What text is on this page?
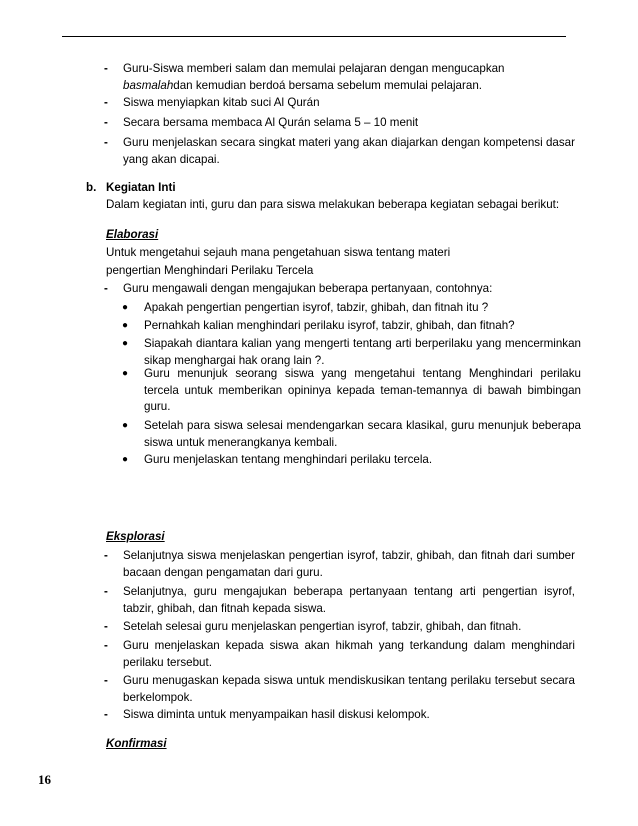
- Guru-Siswa memberi salam dan memulai pelajaran dengan mengucapkan
basmalahdan kemudian berdoá bersama sebelum memulai pelajaran.
- Siswa menyiapkan kitab suci Al Qurán
- Secara bersama membaca Al Qurán selama 5 – 10 menit
- Guru menjelaskan secara singkat materi yang akan diajarkan dengan kompetensi dasar yang akan dicapai.
b. Kegiatan Inti
Dalam kegiatan inti, guru dan para siswa melakukan beberapa kegiatan sebagai berikut:
Elaborasi
Untuk mengetahui sejauh mana pengetahuan siswa tentang materi
pengertian Menghindari Perilaku Tercela
- Guru mengawali dengan mengajukan beberapa pertanyaan, contohnya:
● Apakah pengertian pengertian isyrof, tabzir, ghibah, dan fitnah itu ?
● Pernahkah kalian menghindari perilaku isyrof, tabzir, ghibah, dan fitnah?
● Siapakah diantara kalian yang mengerti tentang arti berperilaku yang mencerminkan sikap menghargai hak orang lain ?.
● Guru menunjuk seorang siswa yang mengetahui tentang Menghindari perilaku tercela untuk memberikan opininya kepada teman-temannya di bawah bimbingan guru.
● Setelah para siswa selesai mendengarkan secara klasikal, guru menunjuk beberapa siswa untuk menerangkanya kembali.
● Guru menjelaskan tentang menghindari perilaku tercela.
Eksplorasi
- Selanjutnya siswa menjelaskan pengertian isyrof, tabzir, ghibah, dan fitnah dari sumber bacaan dengan pengamatan dari guru.
- Selanjutnya, guru mengajukan beberapa pertanyaan tentang arti pengertian isyrof, tabzir, ghibah, dan fitnah kepada siswa.
- Setelah selesai guru menjelaskan pengertian isyrof, tabzir, ghibah, dan fitnah.
- Guru menjelaskan kepada siswa akan hikmah yang terkandung dalam menghindari perilaku tersebut.
- Guru menugaskan kepada siswa untuk mendiskusikan tentang perilaku tersebut secara berkelompok.
- Siswa diminta untuk menyampaikan hasil diskusi kelompok.
Konfirmasi
16
